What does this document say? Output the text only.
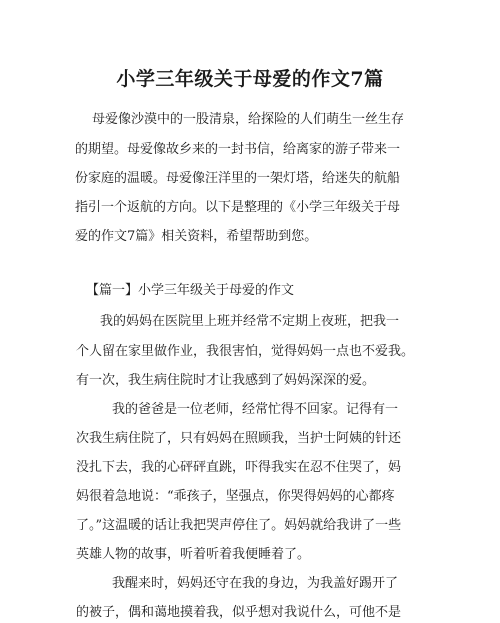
小学三年级关于母爱的作文7篇

母爱像沙漠中的一股清泉，给探险的人们萌生一丝生存

的期望。母爱像故乡来的一封书信，给离家的游子带来一

份家庭的温暖。母爱像汪洋里的一架灯塔，给迷失的航船

指引一个返航的方向。以下是整理的《小学三年级关于母

爱的作文7篇》相关资料，希望帮助到您。

【篇一】小学三年级关于母爱的作文

我的妈妈在医院里上班并经常不定期上夜班，把我一

个人留在家里做作业，我很害怕，觉得妈妈一点也不爱我。

有一次，我生病住院时才让我感到了妈妈深深的爱。

我的爸爸是一位老师，经常忙得不回家。记得有一

次我生病住院了，只有妈妈在照顾我，当护士阿姨的针还

没扎下去，我的心砰砰直跳，吓得我实在忍不住哭了，妈

妈很着急地说：“乖孩子，坚强点，你哭得妈妈的心都疼

了。”这温暖的话让我把哭声停住了。妈妈就给我讲了一些

英雄人物的故事，听着听着我便睡着了。

我醒来时，妈妈还守在我的身边，为我盖好踢开了

的被子，偶和蔼地摸着我，似乎想对我说什么，可他不是
